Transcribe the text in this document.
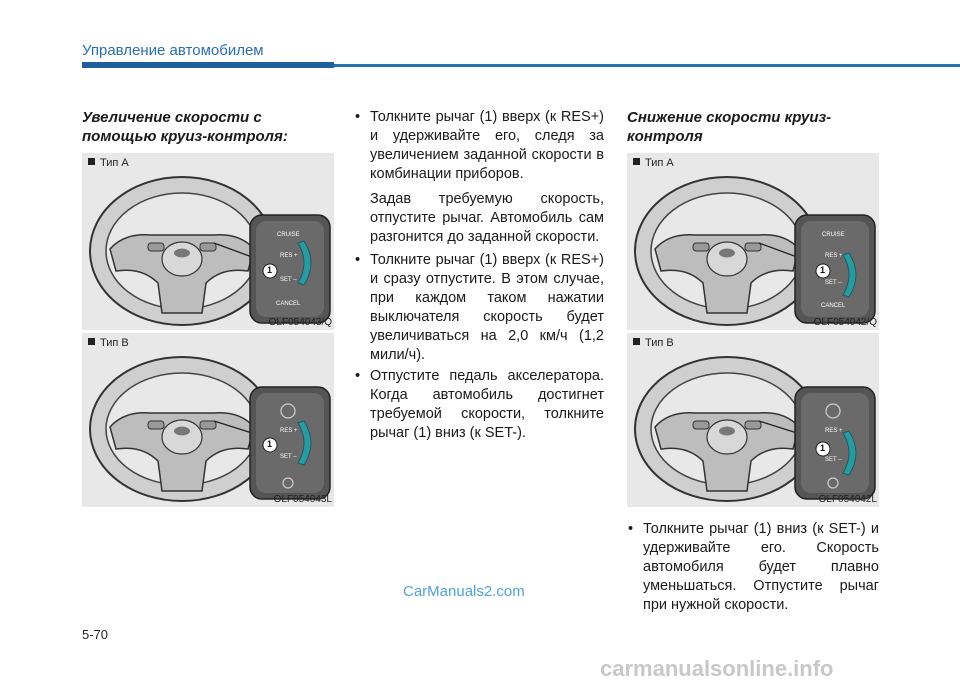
Управление автомобилем
Увеличение скорости с
помощью круиз-контроля:
Тип A
CRUISE
RES +
SET –
CANCEL
1
OLF054043/Q
Тип B
RES +
SET –
1
OLF054043L
• Толкните рычаг (1) вверх (к RES+) и удерживайте его, следя за увеличением заданной скорости в комбинации приборов.

Задав требуемую скорость, отпустите рычаг. Автомобиль сам разгонится до заданной скорости.

• Толкните рычаг (1) вверх (к RES+) и сразу отпустите. В этом случае, при каждом таком нажатии выключателя скорость будет увеличиваться на 2,0 км/ч (1,2 мили/ч).
• Отпустите педаль акселератора. Когда автомобиль достигнет требуемой скорости, толкните рычаг (1) вниз (к SET-).
Снижение скорости круиз-
контроля
Тип A
CRUISE
RES +
SET –
CANCEL
1
OLF054042/Q
Тип B
RES +
SET –
1
OLF054042L
• Толкните рычаг (1) вниз (к SET-) и удерживайте его. Скорость автомобиля будет плавно уменьшаться. Отпустите рычаг при нужной скорости.
CarManuals2.com
5-70
carmanualsonline.info
